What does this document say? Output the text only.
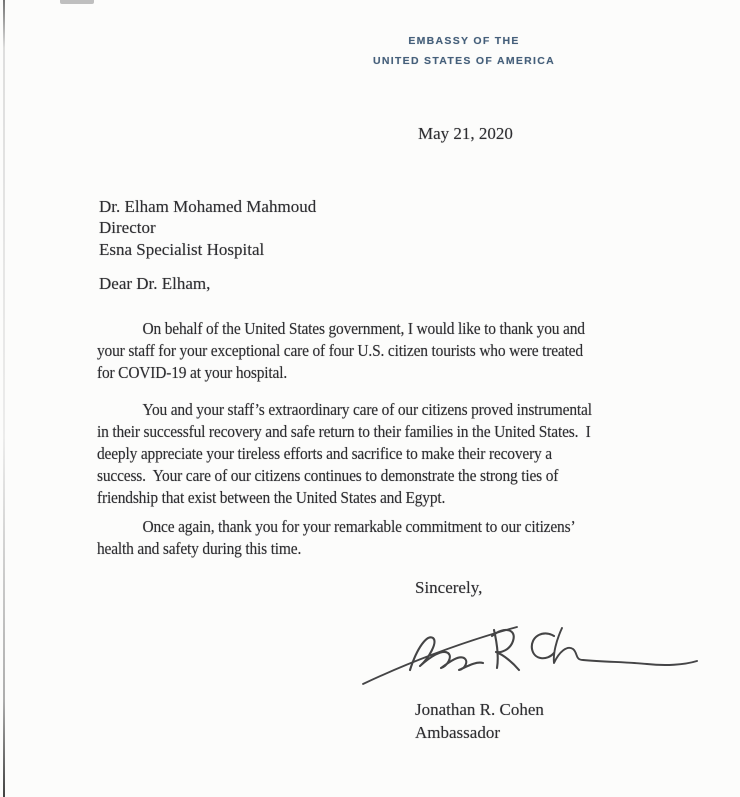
EMBASSY OF THE
UNITED STATES OF AMERICA
May 21, 2020
Dr. Elham Mohamed Mahmoud
Director
Esna Specialist Hospital
Dear Dr. Elham,
On behalf of the United States government, I would like to thank you and
your staff for your exceptional care of four U.S. citizen tourists who were treated
for COVID-19 at your hospital.
You and your staff’s extraordinary care of our citizens proved instrumental
in their successful recovery and safe return to their families in the United States.  I
deeply appreciate your tireless efforts and sacrifice to make their recovery a
success.  Your care of our citizens continues to demonstrate the strong ties of
friendship that exist between the United States and Egypt.
Once again, thank you for your remarkable commitment to our citizens’
health and safety during this time.
Sincerely,
Jonathan R. Cohen
Ambassador
